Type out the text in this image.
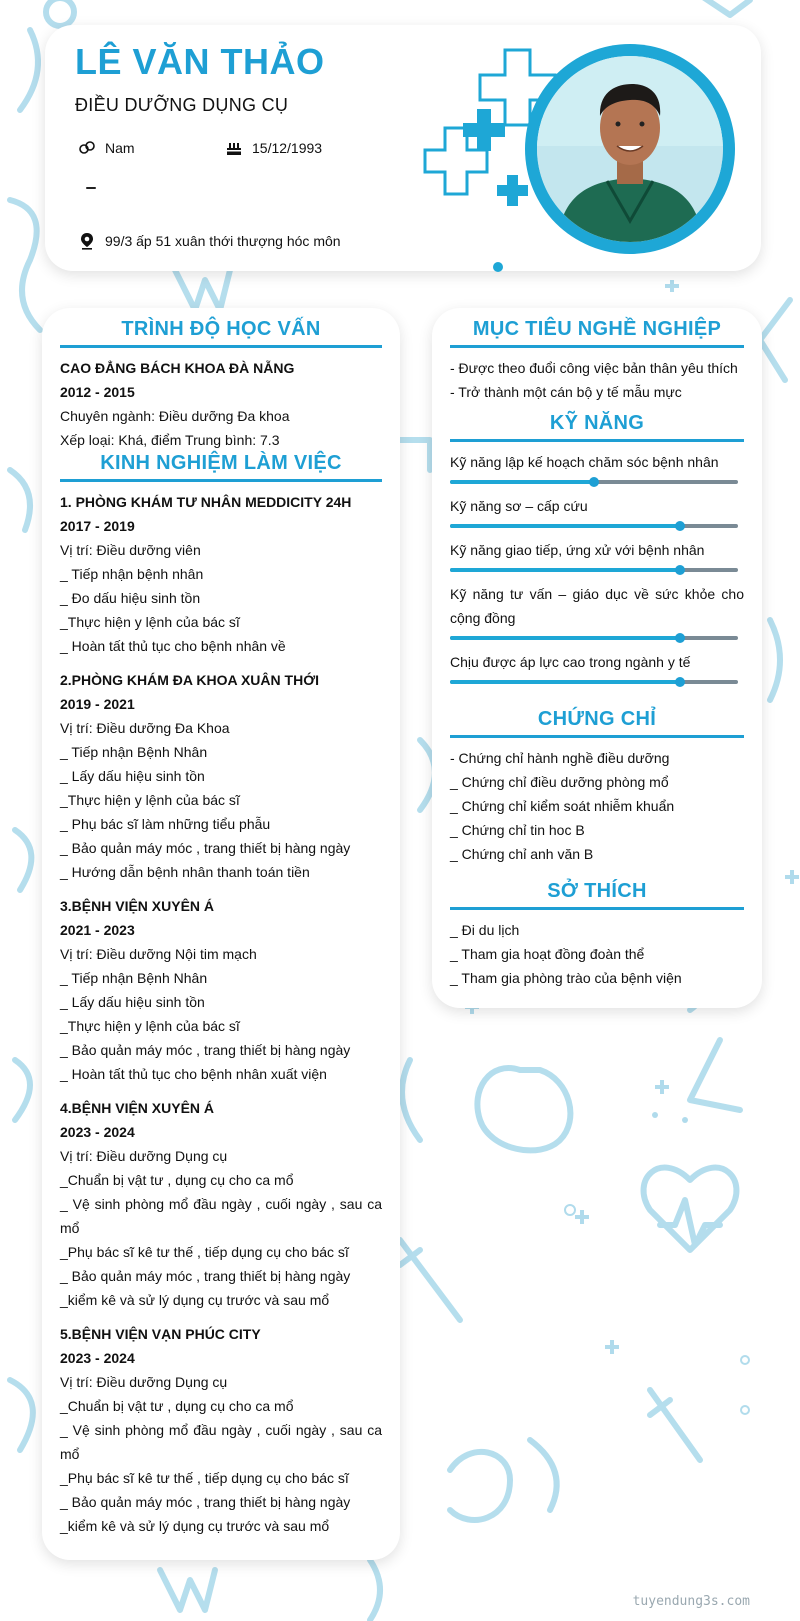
LÊ VĂN THẢO
ĐIỀU DƯỠNG DỤNG CỤ
Nam	15/12/1993
99/3 ấp 51 xuân thới thượng hóc môn
TRÌNH ĐỘ HỌC VẤN
CAO ĐẲNG BÁCH KHOA ĐÀ NẴNG
2012 - 2015
Chuyên ngành: Điều dưỡng Đa khoa
Xếp loại: Khá, điểm Trung bình: 7.3
KINH NGHIỆM LÀM VIỆC
1. PHÒNG KHÁM TƯ NHÂN MEDDICITY 24H
2017 - 2019
Vị trí: Điều dưỡng viên
_ Tiếp nhận bệnh nhân
_ Đo dấu hiệu sinh tồn
_Thực hiện y lệnh của bác sĩ
_ Hoàn tất thủ tục cho bệnh nhân về
2.PHÒNG KHÁM ĐA KHOA XUÂN THỚI
2019 - 2021
Vị trí: Điều dưỡng Đa Khoa
_ Tiếp nhận Bệnh Nhân
_ Lấy dấu hiệu sinh tồn
_Thực hiện y lệnh của bác sĩ
_ Phụ bác sĩ làm những tiểu phẫu
_ Bảo quản máy móc , trang thiết bị hàng ngày
_ Hướng dẫn bệnh nhân thanh toán tiền
3.BỆNH VIỆN XUYÊN Á
2021 - 2023
Vị trí: Điều dưỡng Nội tim mạch
_ Tiếp nhận Bệnh Nhân
_ Lấy dấu hiệu sinh tồn
_Thực hiện y lệnh của bác sĩ
_ Bảo quản máy móc , trang thiết bị hàng ngày
_ Hoàn tất thủ tục cho bệnh nhân xuất viện
4.BỆNH VIỆN XUYÊN Á
2023 - 2024
Vị trí: Điều dưỡng Dụng cụ
_Chuẩn bị vật tư , dụng cụ cho ca mổ
_ Vệ sinh phòng mổ đầu ngày , cuối ngày , sau ca mổ
_Phụ bác sĩ kê tư thế , tiếp dụng cụ cho bác sĩ
_ Bảo quản máy móc , trang thiết bị hàng ngày
_kiểm kê và sử lý dụng cụ trước và sau mổ
5.BỆNH VIỆN VẠN PHÚC CITY
2023 - 2024
Vị trí: Điều dưỡng Dụng cụ
_Chuẩn bị vật tư , dụng cụ cho ca mổ
_ Vệ sinh phòng mổ đầu ngày , cuối ngày , sau ca mổ
_Phụ bác sĩ kê tư thế , tiếp dụng cụ cho bác sĩ
_ Bảo quản máy móc , trang thiết bị hàng ngày
_kiểm kê và sử lý dụng cụ trước và sau mổ
MỤC TIÊU NGHỀ NGHIỆP
- Được theo đuổi công việc bản thân yêu thích
- Trở thành một cán bộ y tế mẫu mực
KỸ NĂNG
Kỹ năng lập kế hoạch chăm sóc bệnh nhân
Kỹ năng sơ – cấp cứu
Kỹ năng giao tiếp, ứng xử với bệnh nhân
Kỹ năng tư vấn – giáo dục về sức khỏe cho cộng đồng
Chịu được áp lực cao trong ngành y tế
CHỨNG CHỈ
- Chứng chỉ hành nghề điều dưỡng
_ Chứng chỉ điều dưỡng phòng mổ
_ Chứng chỉ kiểm soát nhiễm khuẩn
_ Chứng chỉ tin hoc B
_ Chứng chỉ anh văn B
SỞ THÍCH
_ Đi du lịch
_ Tham gia hoạt đồng đoàn thể
_ Tham gia phòng trào của bệnh viện
tuyendung3s.com
